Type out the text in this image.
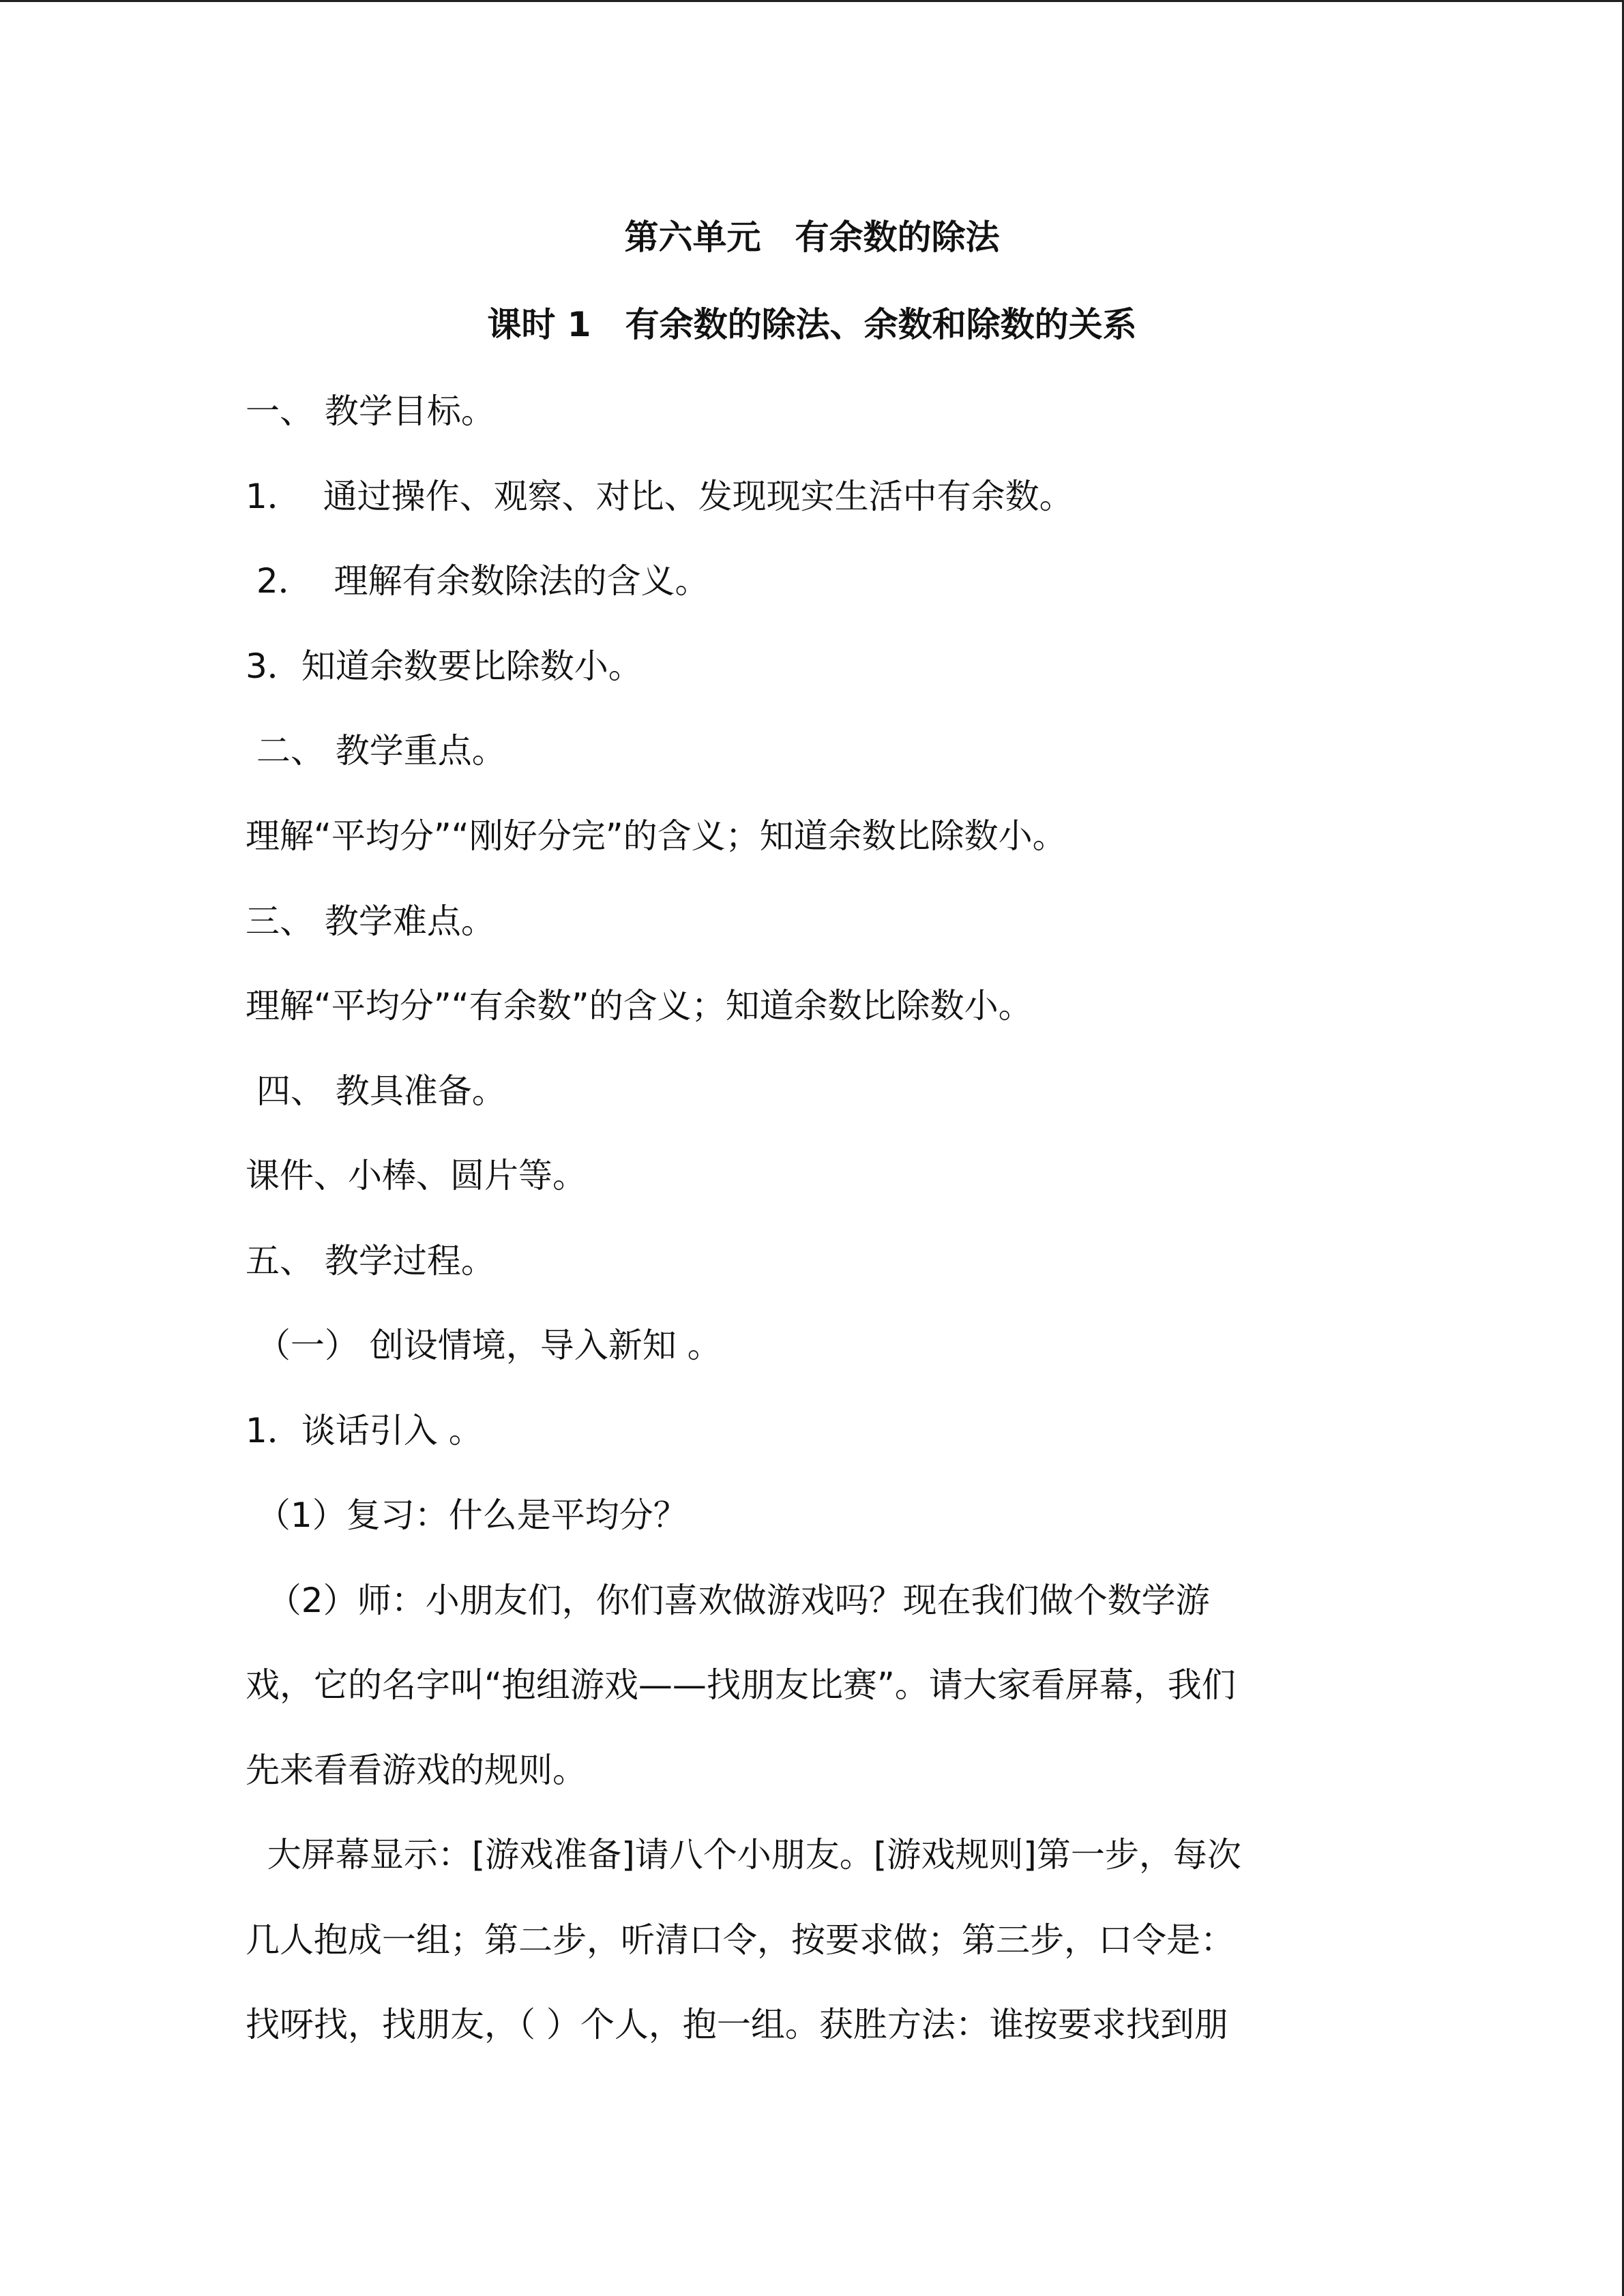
第六单元　有余数的除法
课时 1　有余数的除法、余数和除数的关系
一、 教学目标。
1．  通过操作、观察、对比、发现现实生活中有余数。
2．  理解有余数除法的含义。
3．知道余数要比除数小。
二、 教学重点。
理解“平均分”“刚好分完”的含义；知道余数比除数小。
三、 教学难点。
理解“平均分”“有余数”的含义；知道余数比除数小。
四、 教具准备。
课件、小棒、圆片等。
五、 教学过程。
（一） 创设情境，导入新知 。
1．谈话引入 。
（1）复习：什么是平均分？
（2）师：小朋友们，你们喜欢做游戏吗？现在我们做个数学游
戏，它的名字叫“抱组游戏——找朋友比赛”。请大家看屏幕，我们
先来看看游戏的规则。
大屏幕显示：[游戏准备]请八个小朋友。[游戏规则]第一步，每次
几人抱成一组；第二步，听清口令，按要求做；第三步，口令是：
找呀找，找朋友，（ ）个人，抱一组。获胜方法：谁按要求找到朋
